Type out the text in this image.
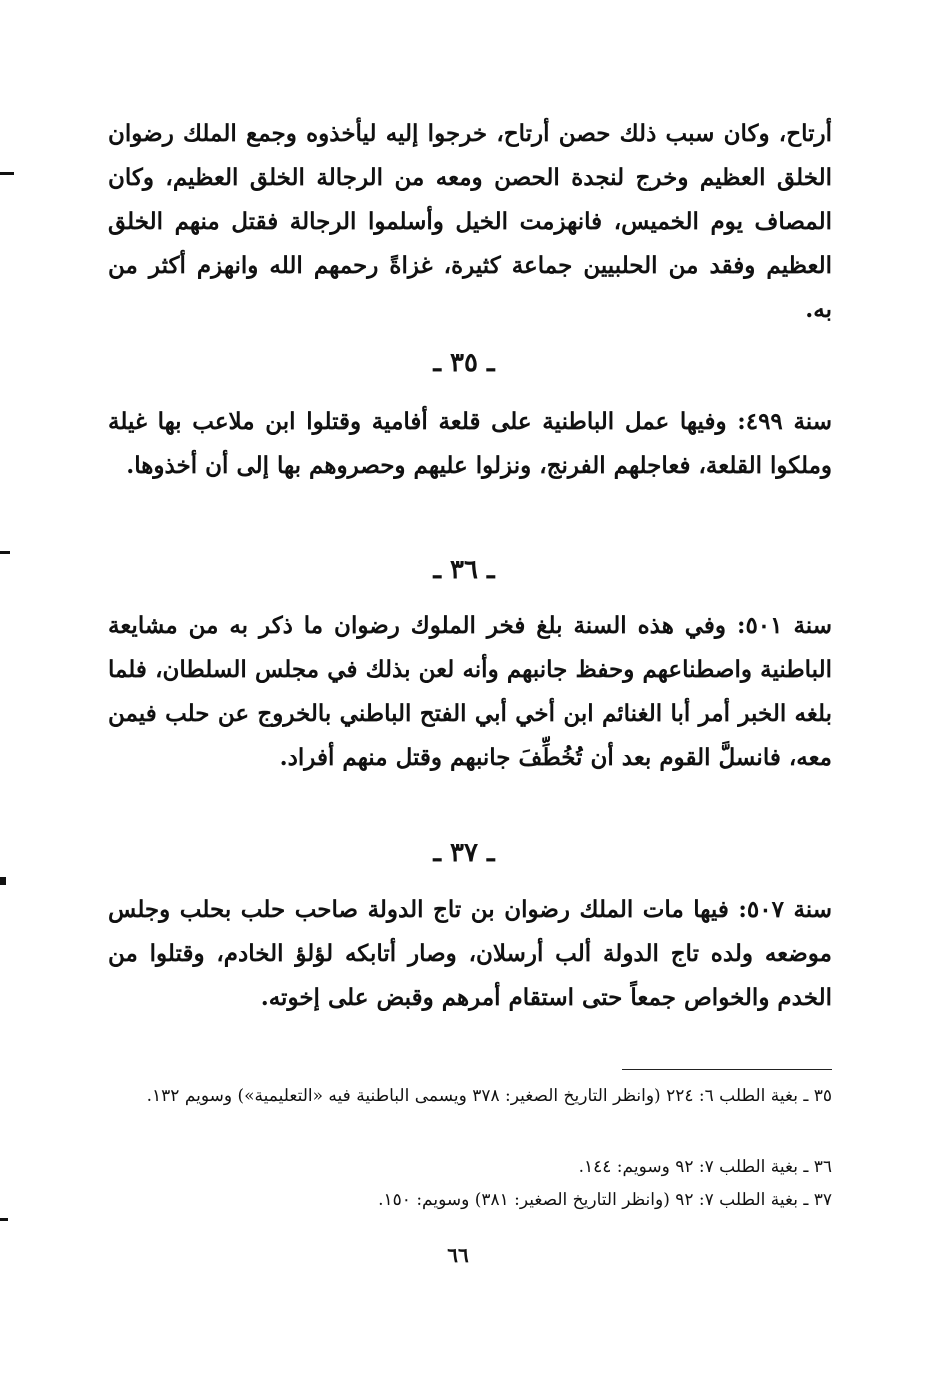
أرتاح، وكان سبب ذلك حصن أرتاح، خرجوا إليه ليأخذوه وجمع الملك رضوان الخلق العظيم وخرج لنجدة الحصن ومعه من الرجالة الخلق العظيم، وكان المصاف يوم الخميس، فانهزمت الخيل وأسلموا الرجالة فقتل منهم الخلق العظيم وفقد من الحلبيين جماعة كثيرة، غزاةً رحمهم الله وانهزم أكثر من به.
ـ ٣٥ ـ
سنة ٤٩٩: وفيها عمل الباطنية على قلعة أفامية وقتلوا ابن ملاعب بها غيلة وملكوا القلعة، فعاجلهم الفرنج، ونزلوا عليهم وحصروهم بها إلى أن أخذوها.
ـ ٣٦ ـ
سنة ٥٠١: وفي هذه السنة بلغ فخر الملوك رضوان ما ذكر به من مشايعة الباطنية واصطناعهم وحفظ جانبهم وأنه لعن بذلك في مجلس السلطان، فلما بلغه الخبر أمر أبا الغنائم ابن أخي أبي الفتح الباطني بالخروج عن حلب فيمن معه، فانسلَّ القوم بعد أن تُخُطِّفَ جانبهم وقتل منهم أفراد.
ـ ٣٧ ـ
سنة ٥٠٧: فيها مات الملك رضوان بن تاج الدولة صاحب حلب بحلب وجلس موضعه ولده تاج الدولة ألب أرسلان، وصار أتابكه لؤلؤ الخادم، وقتلوا من الخدم والخواص جمعاً حتى استقام أمرهم وقبض على إخوته.
٣٥ ـ بغية الطلب ٦: ٢٢٤ (وانظر التاريخ الصغير: ٣٧٨ ويسمى الباطنية فيه «التعليمية») وسويم ١٣٢.
٣٦ ـ بغية الطلب ٧: ٩٢ وسويم: ١٤٤.
٣٧ ـ بغية الطلب ٧: ٩٢ (وانظر التاريخ الصغير: ٣٨١) وسويم: ١٥٠.
٦٦
